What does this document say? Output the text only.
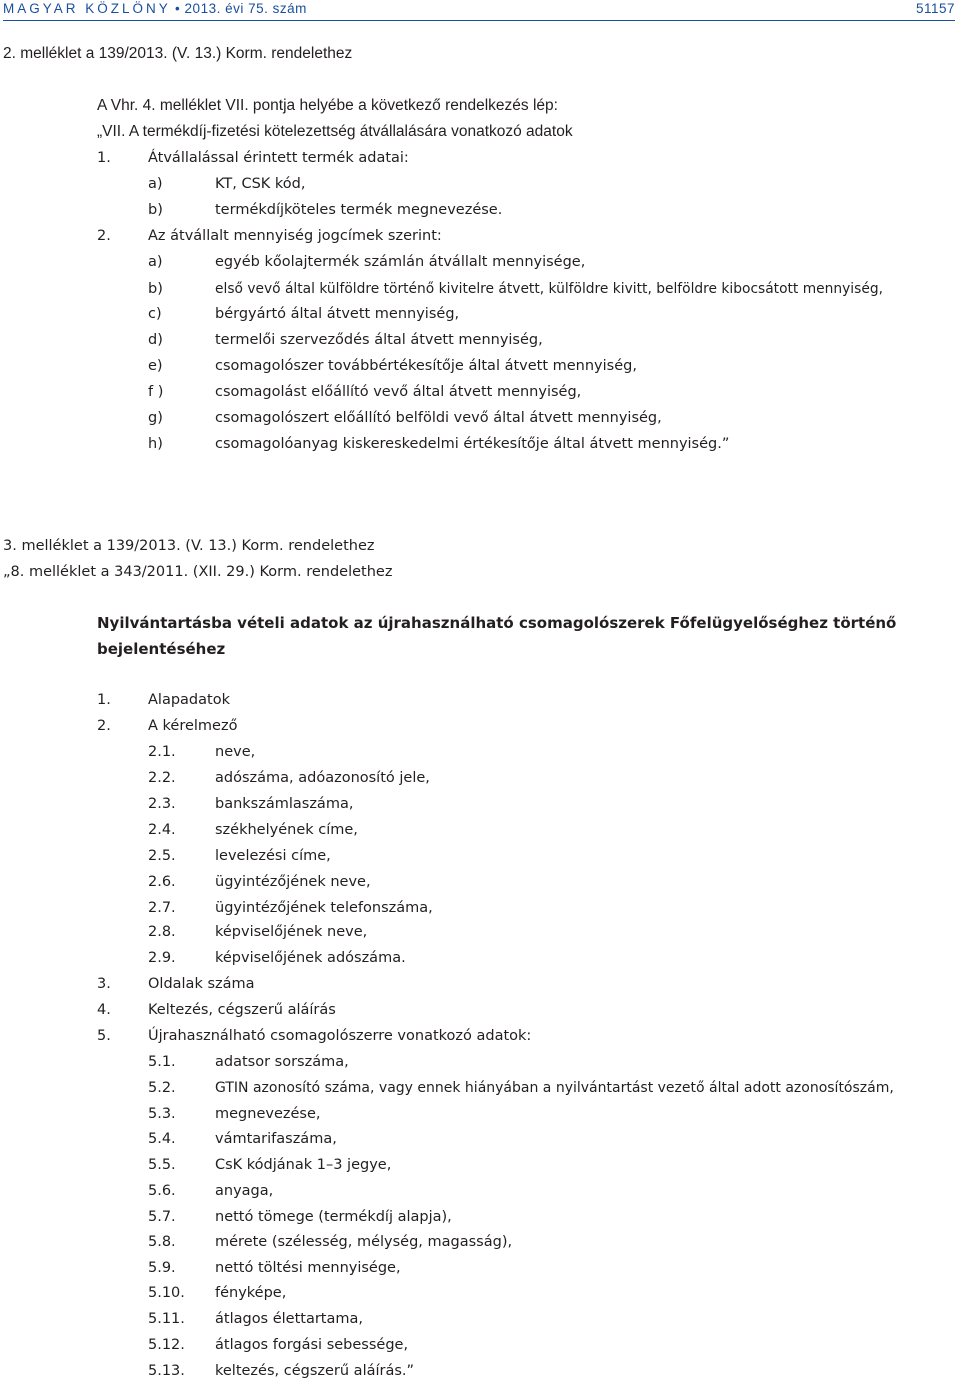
MAGYAR KÖZLÖNY • 2013. évi 75. szám	51157
2. melléklet a 139/2013. (V. 13.) Korm. rendelethez
A Vhr. 4. melléklet VII. pontja helyébe a következő rendelkezés lép:
„VII. A termékdíj-fizetési kötelezettség átvállalására vonatkozó adatok
1.	Átvállalással érintett termék adatai:
a)	KT, CSK kód,
b)	termékdíjköteles termék megnevezése.
2.	Az átvállalt mennyiség jogcímek szerint:
a)	egyéb kőolajtermék számlán átvállalt mennyisége,
b)	első vevő által külföldre történő kivitelre átvett, külföldre kivitt, belföldre kibocsátott mennyiség,
c)	bérgyártó által átvett mennyiség,
d)	termelői szerveződés által átvett mennyiség,
e)	csomagolószer továbbértékesítője által átvett mennyiség,
f )	csomagolást előállító vevő által átvett mennyiség,
g)	csomagolószert előállító belföldi vevő által átvett mennyiség,
h)	csomagolóanyag kiskereskedelmi értékesítője által átvett mennyiség.”
3. melléklet a 139/2013. (V. 13.) Korm. rendelethez
„8. melléklet a 343/2011. (XII. 29.) Korm. rendelethez
Nyilvántartásba vételi adatok az újrahasználható csomagolószerek Főfelügyelőséghez történő
bejelentéséhez
1.	Alapadatok
2.	A kérelmező
2.1.	neve,
2.2.	adószáma, adóazonosító jele,
2.3.	bankszámlaszáma,
2.4.	székhelyének címe,
2.5.	levelezési címe,
2.6.	ügyintézőjének neve,
2.7.	ügyintézőjének telefonszáma,
2.8.	képviselőjének neve,
2.9.	képviselőjének adószáma.
3.	Oldalak száma
4.	Keltezés, cégszerű aláírás
5.	Újrahasználható csomagolószerre vonatkozó adatok:
5.1.	adatsor sorszáma,
5.2.	GTIN azonosító száma, vagy ennek hiányában a nyilvántartást vezető által adott azonosítószám,
5.3.	megnevezése,
5.4.	vámtarifaszáma,
5.5.	CsK kódjának 1–3 jegye,
5.6.	anyaga,
5.7.	nettó tömege (termékdíj alapja),
5.8.	mérete (szélesség, mélység, magasság),
5.9.	nettó töltési mennyisége,
5.10. fényképe,
5.11. átlagos élettartama,
5.12. átlagos forgási sebessége,
5.13. keltezés, cégszerű aláírás.”
